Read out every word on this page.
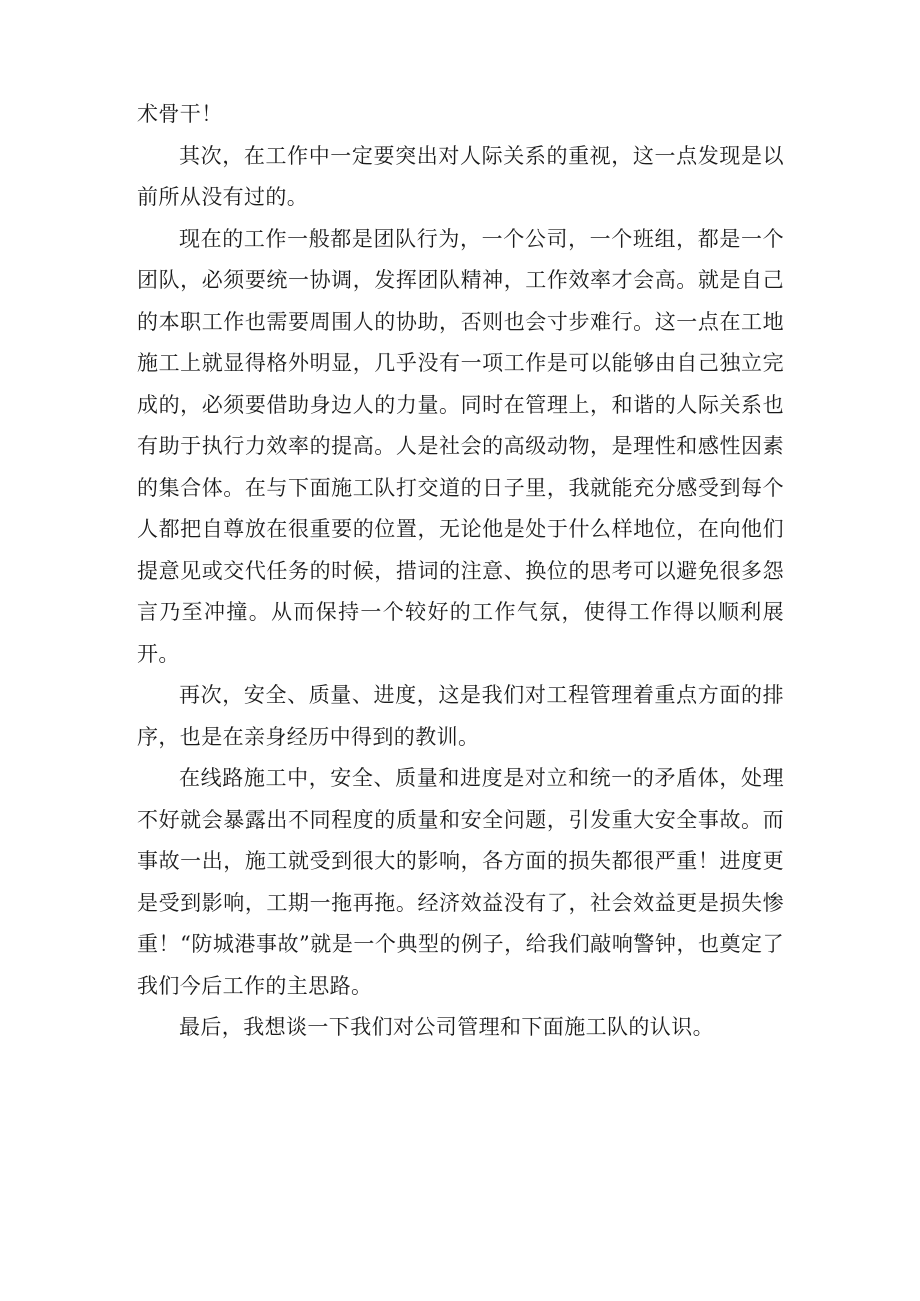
术骨干！

其次，在工作中一定要突出对人际关系的重视，这一点发现是以前所从没有过的。

现在的工作一般都是团队行为，一个公司，一个班组，都是一个团队，必须要统一协调，发挥团队精神，工作效率才会高。就是自己的本职工作也需要周围人的协助，否则也会寸步难行。这一点在工地施工上就显得格外明显，几乎没有一项工作是可以能够由自己独立完成的，必须要借助身边人的力量。同时在管理上，和谐的人际关系也有助于执行力效率的提高。人是社会的高级动物，是理性和感性因素的集合体。在与下面施工队打交道的日子里，我就能充分感受到每个人都把自尊放在很重要的位置，无论他是处于什么样地位，在向他们提意见或交代任务的时候，措词的注意、换位的思考可以避免很多怨言乃至冲撞。从而保持一个较好的工作气氛，使得工作得以顺利展开。

再次，安全、质量、进度，这是我们对工程管理着重点方面的排序，也是在亲身经历中得到的教训。

在线路施工中，安全、质量和进度是对立和统一的矛盾体，处理不好就会暴露出不同程度的质量和安全问题，引发重大安全事故。而事故一出，施工就受到很大的影响，各方面的损失都很严重！进度更是受到影响，工期一拖再拖。经济效益没有了，社会效益更是损失惨重！“防城港事故”就是一个典型的例子，给我们敲响警钟，也奠定了我们今后工作的主思路。

最后，我想谈一下我们对公司管理和下面施工队的认识。
